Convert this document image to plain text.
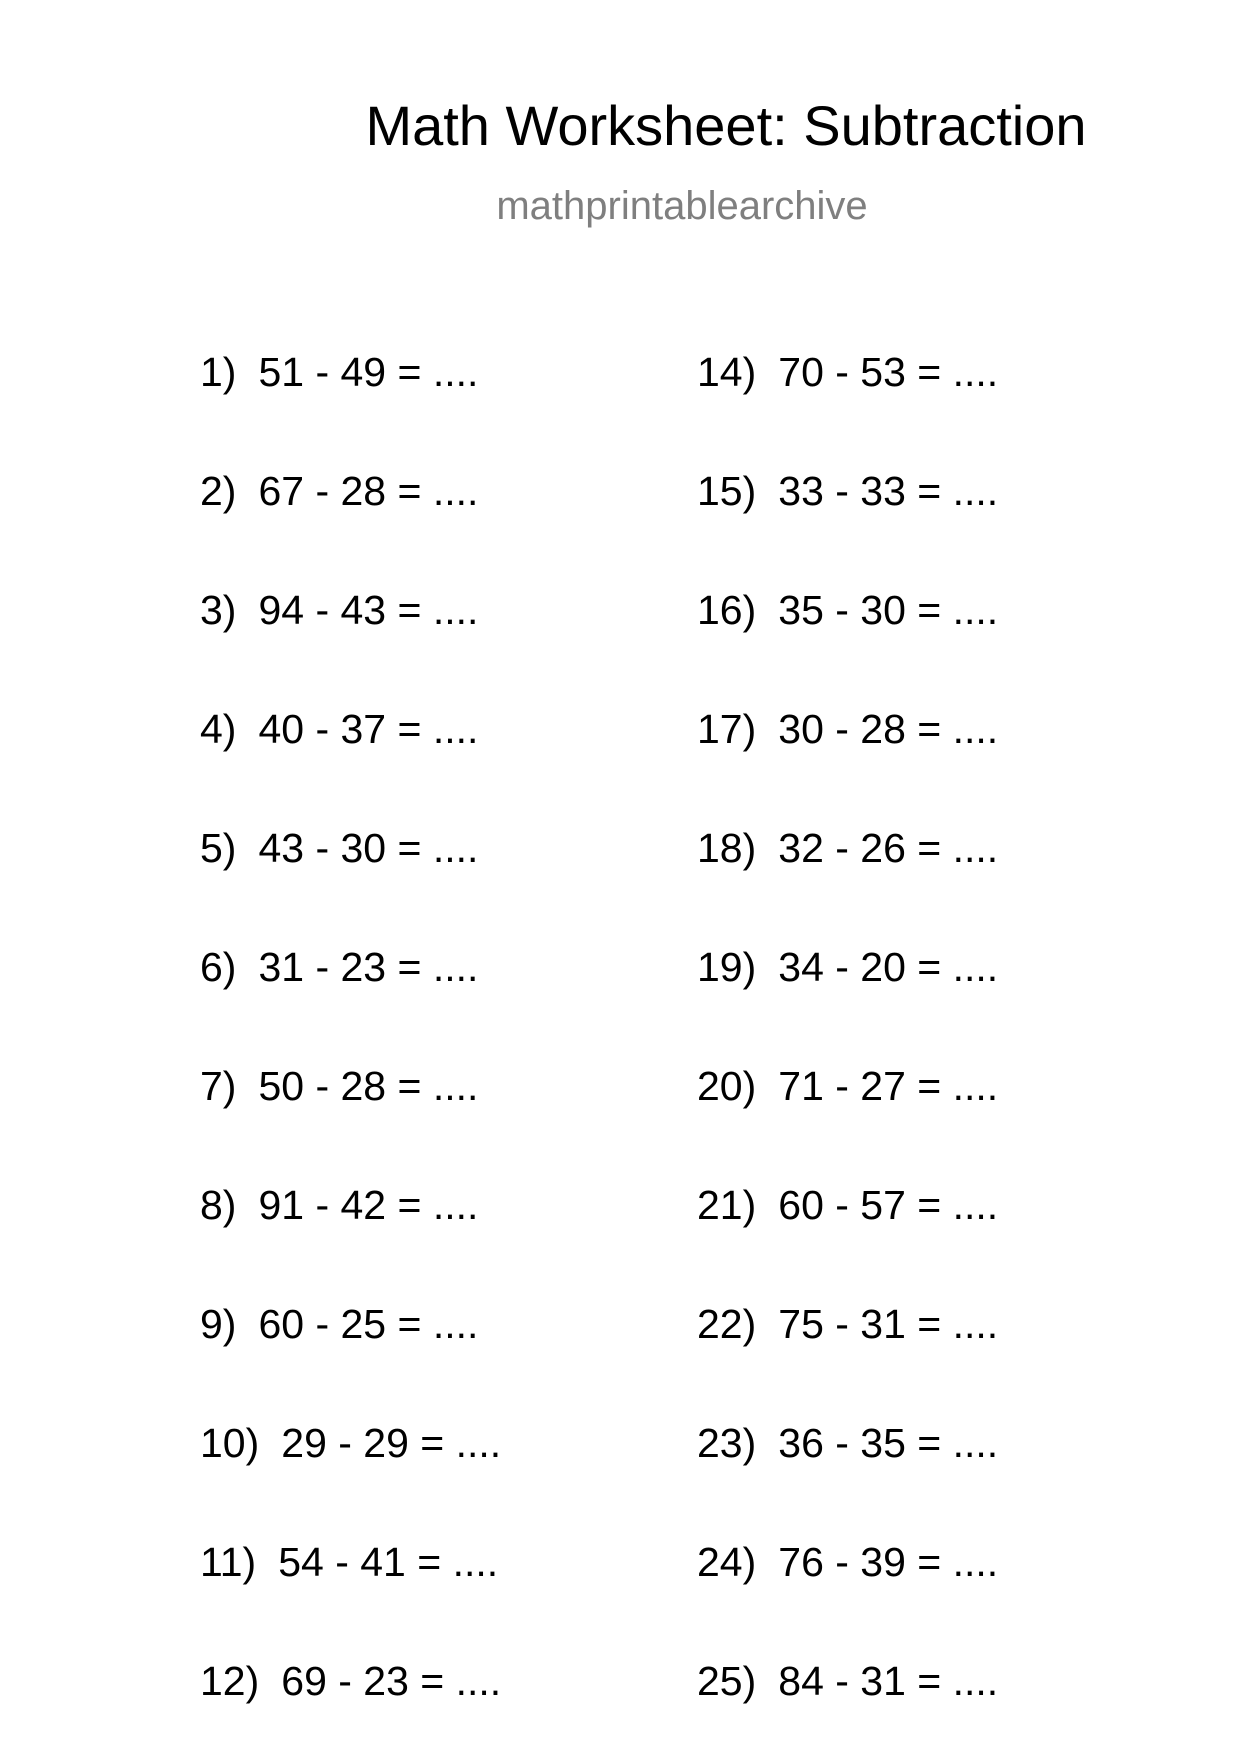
Math Worksheet: Subtraction
mathprintablearchive
1) 51 - 49 = ....
2) 67 - 28 = ....
3) 94 - 43 = ....
4) 40 - 37 = ....
5) 43 - 30 = ....
6) 31 - 23 = ....
7) 50 - 28 = ....
8) 91 - 42 = ....
9) 60 - 25 = ....
10) 29 - 29 = ....
11) 54 - 41 = ....
12) 69 - 23 = ....
14) 70 - 53 = ....
15) 33 - 33 = ....
16) 35 - 30 = ....
17) 30 - 28 = ....
18) 32 - 26 = ....
19) 34 - 20 = ....
20) 71 - 27 = ....
21) 60 - 57 = ....
22) 75 - 31 = ....
23) 36 - 35 = ....
24) 76 - 39 = ....
25) 84 - 31 = ....
